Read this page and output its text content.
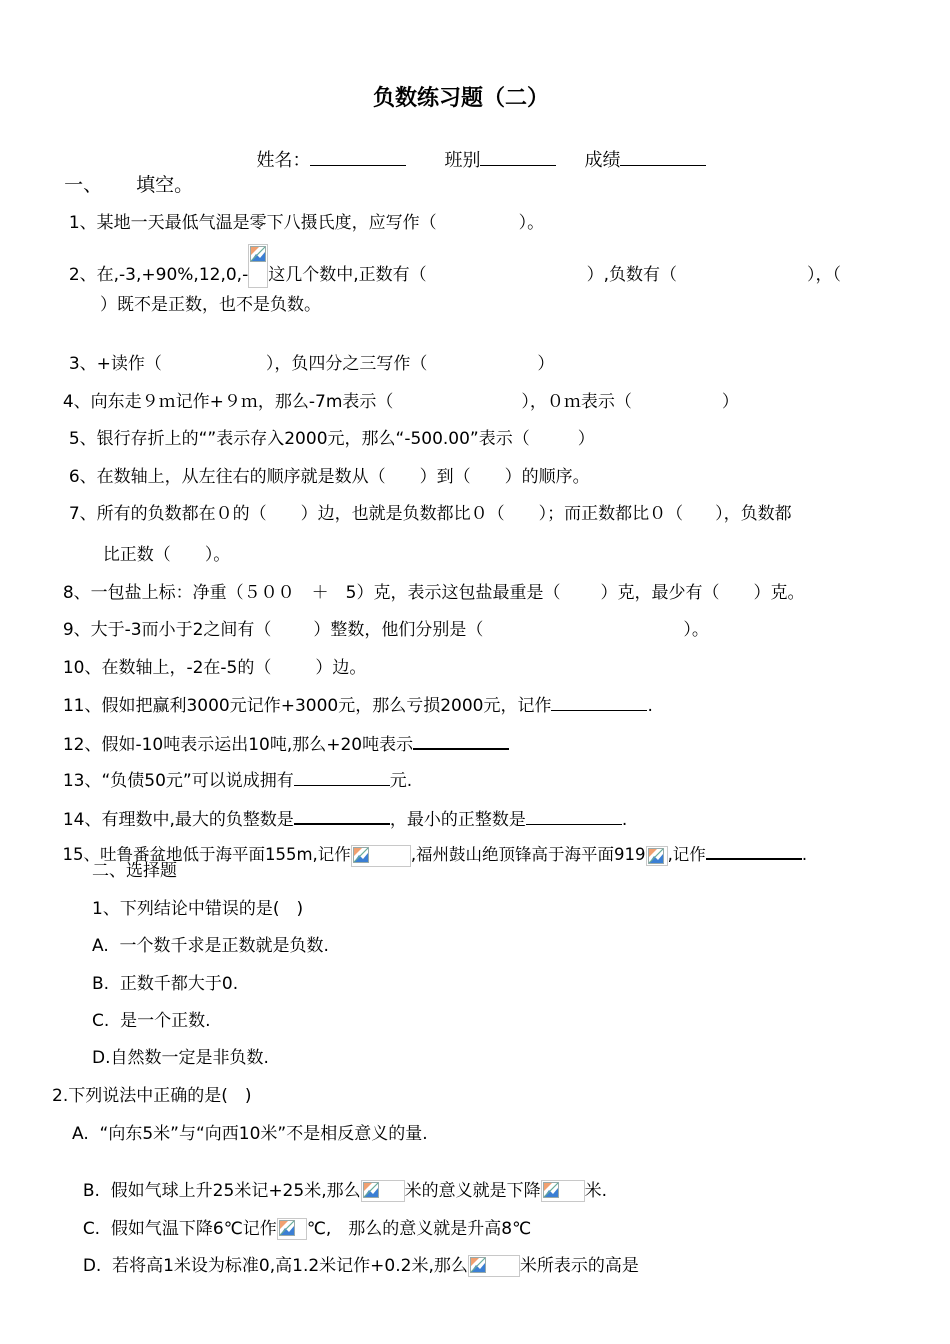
负数练习题（二）

姓名：	班别	成绩

一、 填空。

1、某地一天最低气温是零下八摄氏度，应写作（	）。

2、在,-3,+90%,12,0,- 这几个数中,正数有（	）,负数有（	），（

）既不是正数，也不是负数。

3、+读作（	），负四分之三写作（	）

4、向东走９ｍ记作+９ｍ，那么-7m表示（	），０ｍ表示（	）

5、银行存折上的“”表示存入2000元，那么“-500.00”表示（	）

6、在数轴上，从左往右的顺序就是数从（ ）到（ ）的顺序。

7、所有的负数都在０的（ ）边，也就是负数都比０（ ）；而正数都比０（ ），负数都

比正数（ ）。

8、一包盐上标：净重（５００　＋　5）克，表示这包盐最重是（ ）克，最少有（ ）克。

9、大于-3而小于2之间有（ ）整数，他们分别是（	）。

10、在数轴上，-2在-5的（	）边。

11、假如把赢利3000元记作+3000元，那么亏损2000元，记作	.

12、假如-10吨表示运出10吨,那么+20吨表示

13、“负债50元”可以说成拥有	元.

14、有理数中,最大的负整数是	，最小的正整数是	.

15、吐鲁番盆地低于海平面155m,记作	,福州鼓山绝顶锋高于海平面919 ,记作	.

二、选择题
1、下列结论中错误的是(　)
A.  一个数千求是正数就是负数.
B.  正数千都大于0.
C.  是一个正数.
D.自然数一定是非负数.
2.下列说法中正确的是(　)
A.  “向东5米”与“向西10米”不是相反意义的量.

B.  假如气球上升25米记+25米,那么	米的意义就是下降	米.

C.  假如气温下降6℃记作 ℃,　那么的意义就是升高8℃

D.  若将高1米设为标准0,高1.2米记作+0.2米,那么	米所表示的高是
